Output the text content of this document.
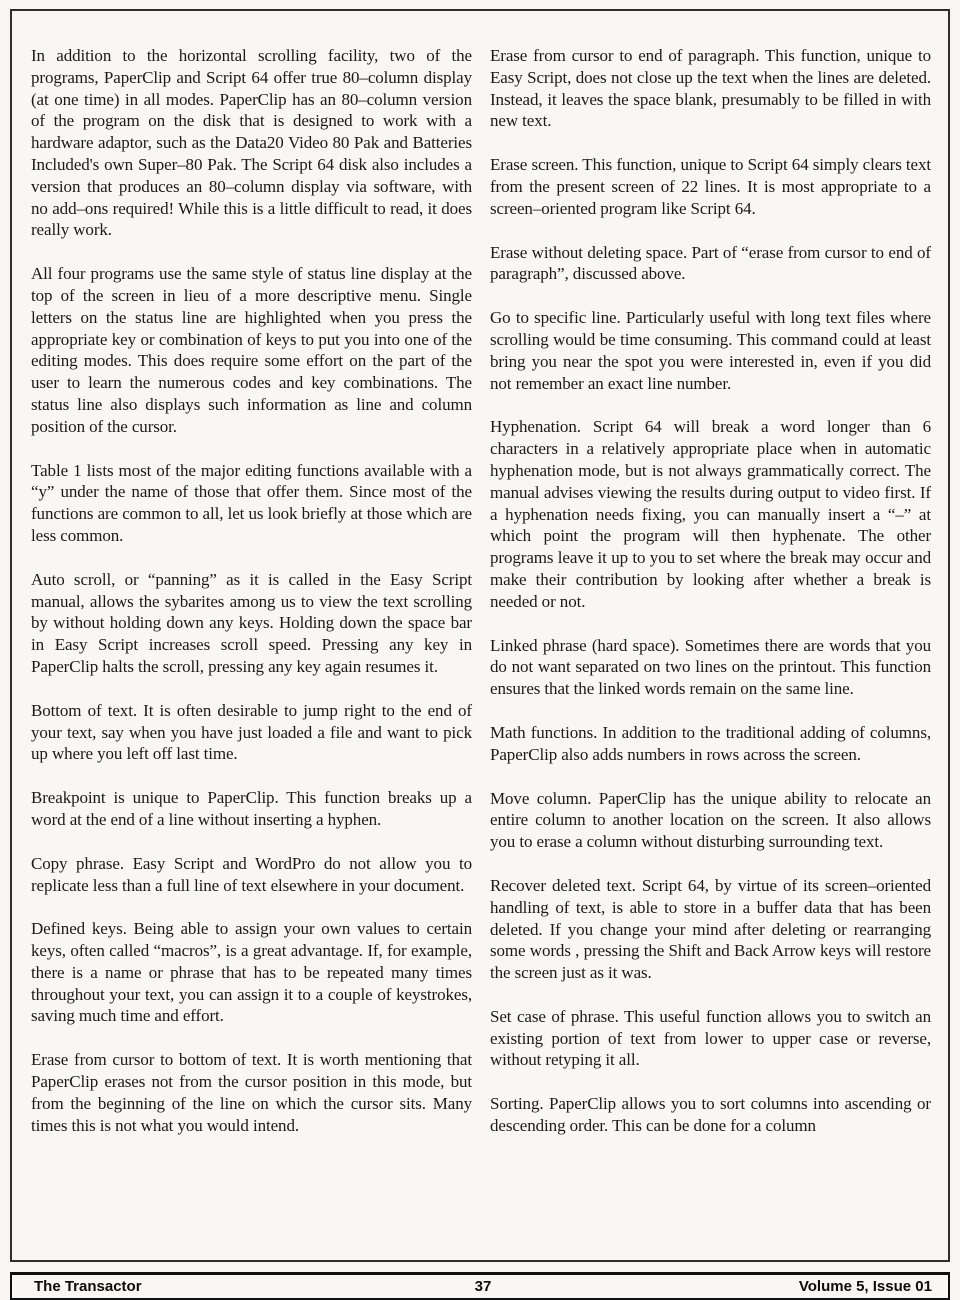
In addition to the horizontal scrolling facility, two of the programs, PaperClip and Script 64 offer true 80–column display (at one time) in all modes. PaperClip has an 80–column version of the program on the disk that is designed to work with a hardware adaptor, such as the Data20 Video 80 Pak and Batteries Included's own Super–80 Pak. The Script 64 disk also includes a version that produces an 80–column display via software, with no add–ons required! While this is a little difficult to read, it does really work.

All four programs use the same style of status line display at the top of the screen in lieu of a more descriptive menu. Single letters on the status line are highlighted when you press the appropriate key or combination of keys to put you into one of the editing modes. This does require some effort on the part of the user to learn the numerous codes and key combinations. The status line also displays such information as line and column position of the cursor.

Table 1 lists most of the major editing functions available with a “y” under the name of those that offer them. Since most of the functions are common to all, let us look briefly at those which are less common.

Auto scroll, or “panning” as it is called in the Easy Script manual, allows the sybarites among us to view the text scrolling by without holding down any keys. Holding down the space bar in Easy Script increases scroll speed. Pressing any key in PaperClip halts the scroll, pressing any key again resumes it.

Bottom of text. It is often desirable to jump right to the end of your text, say when you have just loaded a file and want to pick up where you left off last time.

Breakpoint is unique to PaperClip. This function breaks up a word at the end of a line without inserting a hyphen.

Copy phrase. Easy Script and WordPro do not allow you to replicate less than a full line of text elsewhere in your document.

Defined keys. Being able to assign your own values to certain keys, often called “macros”, is a great advantage. If, for example, there is a name or phrase that has to be repeated many times throughout your text, you can assign it to a couple of keystrokes, saving much time and effort.

Erase from cursor to bottom of text. It is worth mentioning that PaperClip erases not from the cursor position in this mode, but from the beginning of the line on which the cursor sits. Many times this is not what you would intend.

Erase from cursor to end of paragraph. This function, unique to Easy Script, does not close up the text when the lines are deleted. Instead, it leaves the space blank, presumably to be filled in with new text.

Erase screen. This function, unique to Script 64 simply clears text from the present screen of 22 lines. It is most appropriate to a screen–oriented program like Script 64.

Erase without deleting space. Part of “erase from cursor to end of paragraph”, discussed above.

Go to specific line. Particularly useful with long text files where scrolling would be time consuming. This command could at least bring you near the spot you were interested in, even if you did not remember an exact line number.

Hyphenation. Script 64 will break a word longer than 6 characters in a relatively appropriate place when in automatic hyphenation mode, but is not always grammatically correct. The manual advises viewing the results during output to video first. If a hyphenation needs fixing, you can manually insert a “–” at which point the program will then hyphenate. The other programs leave it up to you to set where the break may occur and make their contribution by looking after whether a break is needed or not.

Linked phrase (hard space). Sometimes there are words that you do not want separated on two lines on the printout. This function ensures that the linked words remain on the same line.

Math functions. In addition to the traditional adding of columns, PaperClip also adds numbers in rows across the screen.

Move column. PaperClip has the unique ability to relocate an entire column to another location on the screen. It also allows you to erase a column without disturbing surrounding text.

Recover deleted text. Script 64, by virtue of its screen–oriented handling of text, is able to store in a buffer data that has been deleted. If you change your mind after deleting or rearranging some words , pressing the Shift and Back Arrow keys will restore the screen just as it was.

Set case of phrase. This useful function allows you to switch an existing portion of text from lower to upper case or reverse, without retyping it all.

Sorting. PaperClip allows you to sort columns into ascending or descending order. This can be done for a column

The Transactor	37	Volume 5, Issue 01
